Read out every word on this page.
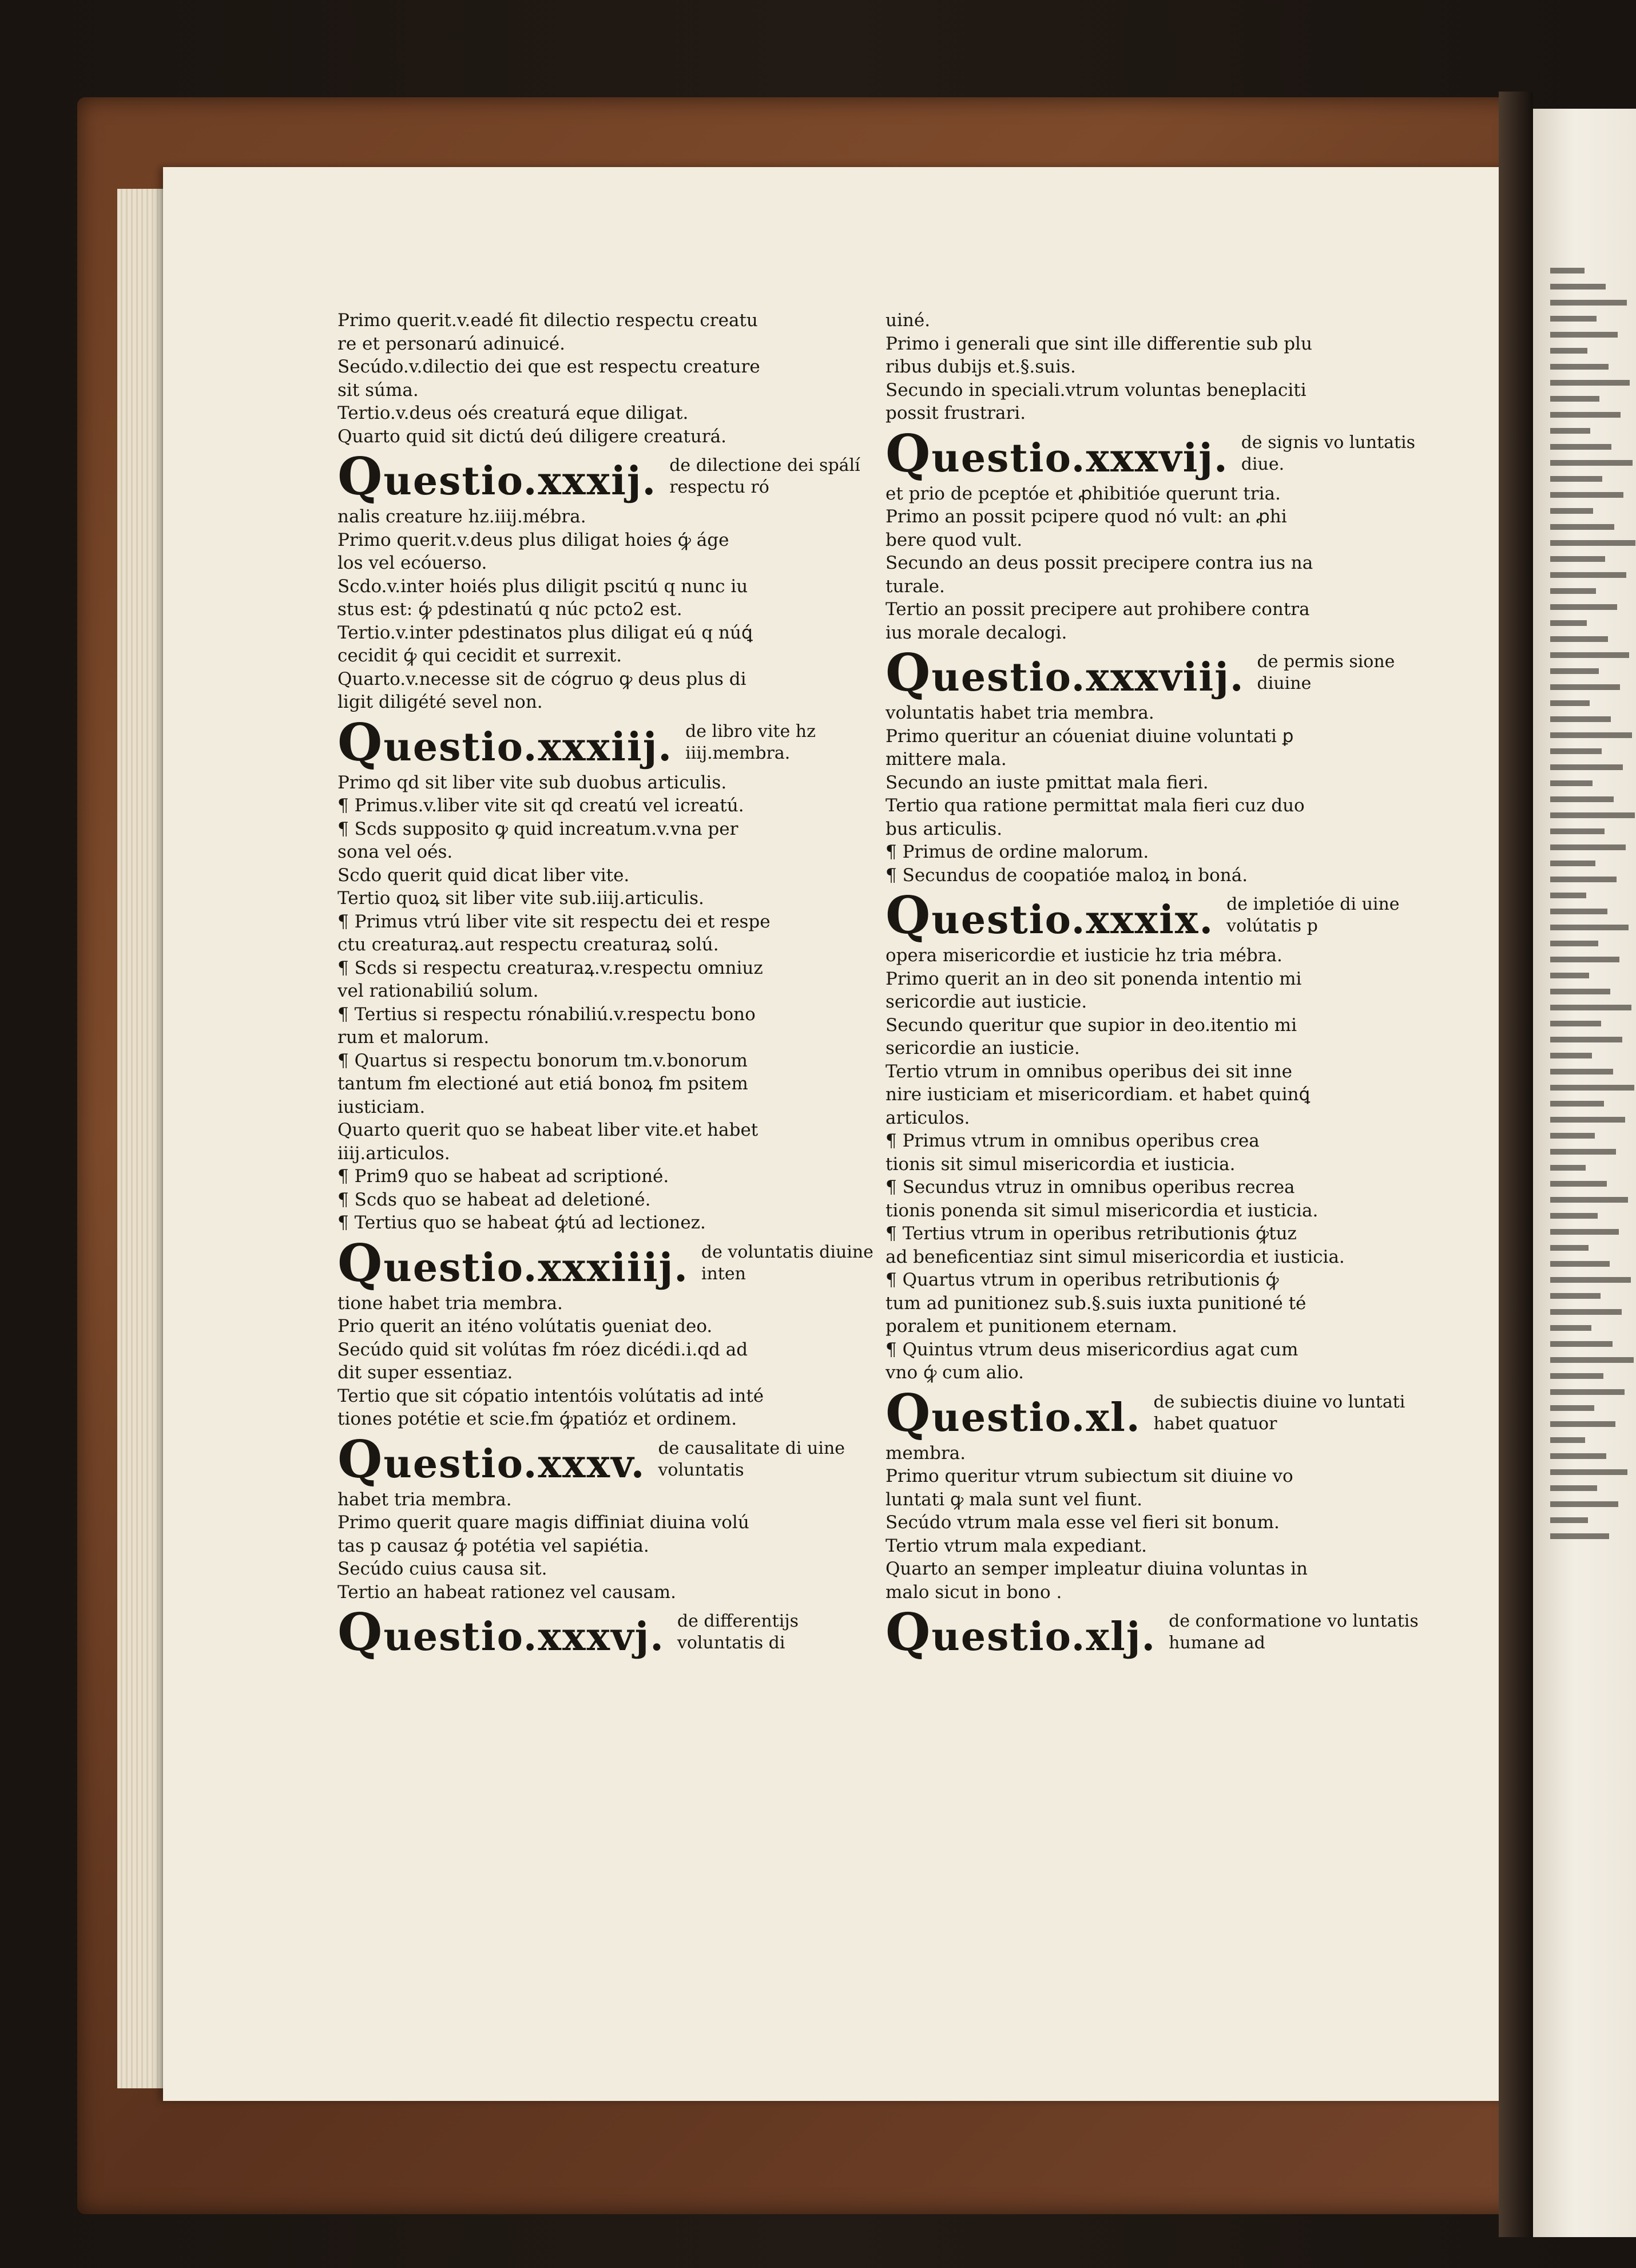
Primo querit.v.eadé fit dilectio respectu creatu
re et personarú adinuicé.
Secúdo.v.dilectio dei que est respectu creature
sit súma.
Tertio.v.deus oés creaturá eque diligat.
Quarto quid sit dictú deú diligere creaturá.
Questio.xxxij. de dilectione dei spálí respectu ró
nalis creature hz.iiij.mébra.
Primo querit.v.deus plus diligat hoies ꝙ́ áge
los vel ecóuerso.
Scdo.v.inter hoiés plus diligit pscitú q nunc iu
stus est: ꝙ́ pdestinatú q núc pcto2 est.
Tertio.v.inter pdestinatos plus diligat eú q núꝗ́
cecidit ꝙ́ qui cecidit et surrexit.
Quarto.v.necesse sit de cógruo ꝙ deus plus di
ligit diligété sevel non.
Questio.xxxiij. de libro vite hz iiij.membra.
Primo qd sit liber vite sub duobus articulis.
¶ Primus.v.liber vite sit qd creatú vel icreatú.
¶ Scds supposito ꝙ quid increatum.v.vna per
sona vel oés.
Scdo querit quid dicat liber vite.
Tertio quoꝝ sit liber vite sub.iiij.articulis.
¶ Primus vtrú liber vite sit respectu dei et respe
ctu creaturaꝝ.aut respectu creaturaꝝ solú.
¶ Scds si respectu creaturaꝝ.v.respectu omniuz
vel rationabiliú solum.
¶ Tertius si respectu rónabiliú.v.respectu bono
rum et malorum.
¶ Quartus si respectu bonorum tm.v.bonorum
tantum fm electioné aut etiá bonoꝝ fm psitem
iusticiam.
Quarto querit quo se habeat liber vite.et habet
iiij.articulos.
¶ Prim9 quo se habeat ad scriptioné.
¶ Scds quo se habeat ad deletioné.
¶ Tertius quo se habeat ꝙ́tú ad lectionez.
Questio.xxxiiij. de voluntatis diuine inten
tione habet tria membra.
Prio querit an iténo volútatis ꝯueniat deo.
Secúdo quid sit volútas fm róez dicédi.i.qd ad
dit super essentiaz.
Tertio que sit cópatio intentóis volútatis ad inté
tiones potétie et scie.fm ꝙ́patióz et ordinem.
Questio.xxxv. de causalitate di uine voluntatis
habet tria membra.
Primo querit quare magis diffiniat diuina volú
tas p causaz ꝙ́ potétia vel sapiétia.
Secúdo cuius causa sit.
Tertio an habeat rationez vel causam.
Questio.xxxvj. de differentijs voluntatis di
uiné.
Primo i generali que sint ille differentie sub plu
ribus dubijs et.§.suis.
Secundo in speciali.vtrum voluntas beneplaciti
possit frustrari.
Questio.xxxvij. de signis vo luntatis diue.
et prio de pceptóe et ꝓhibitióe querunt tria.
Primo an possit pcipere quod nó vult: an ꝓhi
bere quod vult.
Secundo an deus possit precipere contra ius na
turale.
Tertio an possit precipere aut prohibere contra
ius morale decalogi.
Questio.xxxviij. de permis sione diuine
voluntatis habet tria membra.
Primo queritur an cóueniat diuine voluntati ꝑ
mittere mala.
Secundo an iuste pmittat mala fieri.
Tertio qua ratione permittat mala fieri cuz duo
bus articulis.
¶ Primus de ordine malorum.
¶ Secundus de coopatióe maloꝝ in boná.
Questio.xxxix. de impletióe di uine volútatis p
opera misericordie et iusticie hz tria mébra.
Primo querit an in deo sit ponenda intentio mi
sericordie aut iusticie.
Secundo queritur que supior in deo.itentio mi
sericordie an iusticie.
Tertio vtrum in omnibus operibus dei sit inne
nire iusticiam et misericordiam. et habet quinꝗ́
articulos.
¶ Primus vtrum in omnibus operibus crea
tionis sit simul misericordia et iusticia.
¶ Secundus vtruz in omnibus operibus recrea
tionis ponenda sit simul misericordia et iusticia.
¶ Tertius vtrum in operibus retributionis ꝙ́tuz
ad beneficentiaz sint simul misericordia et iusticia.
¶ Quartus vtrum in operibus retributionis ꝙ́
tum ad punitionez sub.§.suis iuxta punitioné té
poralem et punitionem eternam.
¶ Quintus vtrum deus misericordius agat cum
vno ꝙ́ cum alio.
Questio.xl. de subiectis diuine vo luntati habet quatuor
membra.
Primo queritur vtrum subiectum sit diuine vo
luntati ꝙ mala sunt vel fiunt.
Secúdo vtrum mala esse vel fieri sit bonum.
Tertio vtrum mala expediant.
Quarto an semper impleatur diuina voluntas in
malo sicut in bono .
Questio.xlj. de conformatione vo luntatis humane ad
